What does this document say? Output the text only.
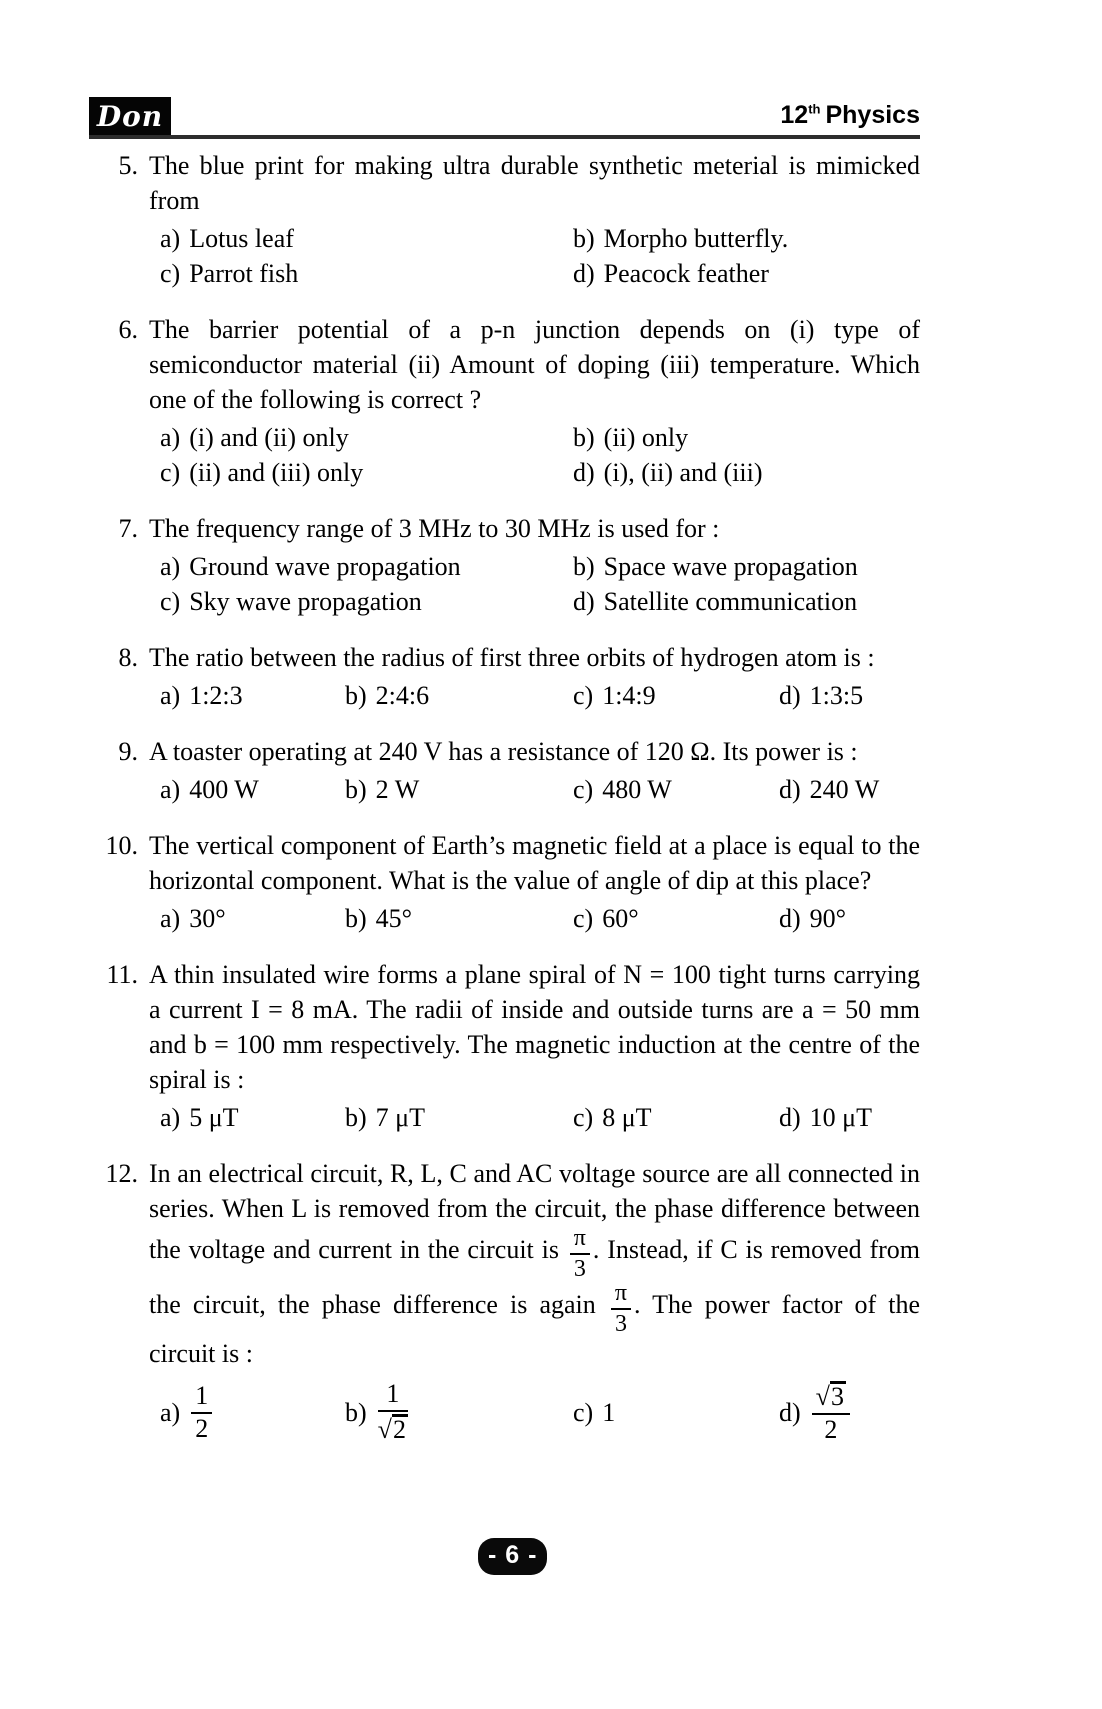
Don	12th Physics
5. The blue print for making ultra durable synthetic meterial is mimicked from

a) Lotus leaf	b) Morpho butterfly.
c) Parrot fish	d) Peacock feather
6. The barrier potential of a p-n junction depends on (i) type of semiconductor material (ii) Amount of doping (iii) temperature. Which one of the following is correct ?

a) (i) and (ii) only	b) (ii) only
c) (ii) and (iii) only	d) (i), (ii) and (iii)
7. The frequency range of 3 MHz to 30 MHz is used for :

a) Ground wave propagation	b) Space wave propagation
c) Sky wave propagation	d) Satellite communication
8. The ratio between the radius of first three orbits of hydrogen atom is :

a) 1:2:3	b) 2:4:6	c) 1:4:9	d) 1:3:5
9. A toaster operating at 240 V has a resistance of 120 Ω. Its power is :

a) 400 W	b) 2 W	c) 480 W	d) 240 W
10. The vertical component of Earth’s magnetic field at a place is equal to the horizontal component. What is the value of angle of dip at this place?

a) 30°	b) 45°	c) 60°	d) 90°
11. A thin insulated wire forms a plane spiral of N = 100 tight turns carrying a current I = 8 mA. The radii of inside and outside turns are a = 50 mm and b = 100 mm respectively. The magnetic induction at the centre of the spiral is :

a) 5 μT	b) 7 μT	c) 8 μT	d) 10 μT
12. In an electrical circuit, R, L, C and AC voltage source are all connected in series. When L is removed from the circuit, the phase difference between the voltage and current in the circuit is $\frac{\pi}{3}$ . Instead, if C is removed from the circuit, the phase difference is again $\frac{\pi}{3}$ . The power factor of the circuit is :

$a) \frac{1}{2}$	$b) \frac{1}{√2}$	c) 1	$d) \frac{√3}{2}$
- 6 -
